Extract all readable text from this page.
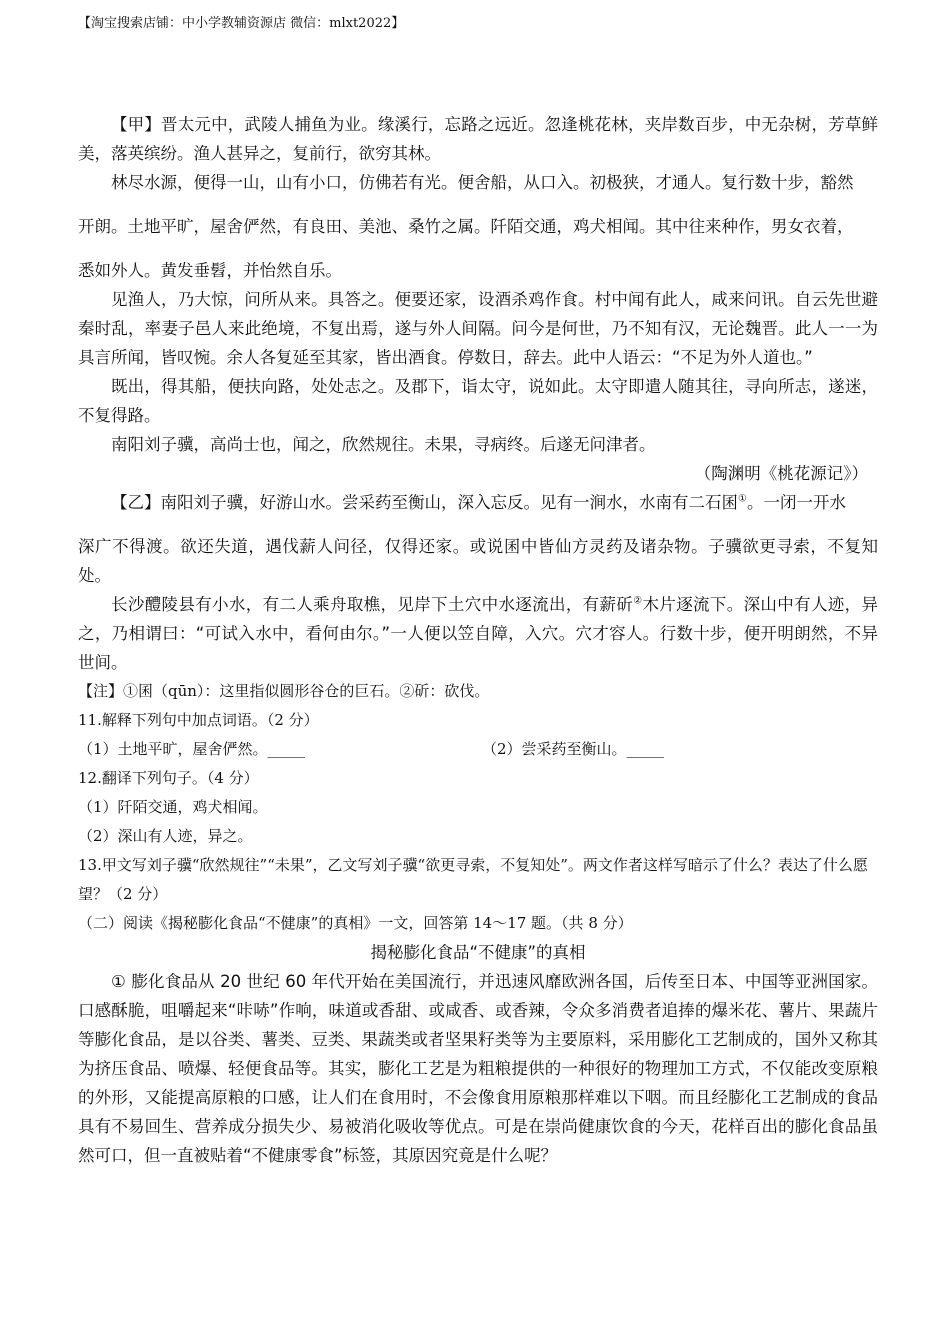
【淘宝搜索店铺：中小学教辅资源店 微信：mlxt2022】

【甲】晋太元中，武陵人捕鱼为业。缘溪行，忘路之远近。忽逢桃花林，夹岸数百步，中无杂树，芳草鲜美，落英缤纷。渔人甚异之，复前行，欲穷其林。

林尽水源，便得一山，山有小口，仿佛若有光。便舍船，从口入。初极狭，才通人。复行数十步，豁然

开朗。土地平旷，屋舍俨然，有良田、美池、桑竹之属。阡陌交通，鸡犬相闻。其中往来种作，男女衣着，

悉如外人。黄发垂髫，并怡然自乐。

见渔人，乃大惊，问所从来。具答之。便要还家，设酒杀鸡作食。村中闻有此人，咸来问讯。自云先世避秦时乱，率妻子邑人来此绝境，不复出焉，遂与外人间隔。问今是何世，乃不知有汉，无论魏晋。此人一一为具言所闻，皆叹惋。余人各复延至其家，皆出酒食。停数日，辞去。此中人语云：“不足为外人道也。”

既出，得其船，便扶向路，处处志之。及郡下，诣太守，说如此。太守即遣人随其往，寻向所志，遂迷，不复得路。

南阳刘子骥，高尚士也，闻之，欣然规往。未果，寻病终。后遂无问津者。

（陶渊明《桃花源记》）

【乙】南阳刘子骥，好游山水。尝采药至衡山，深入忘反。见有一涧水，水南有二石囷①。一闭一开水

深广不得渡。欲还失道，遇伐薪人问径，仅得还家。或说囷中皆仙方灵药及诸杂物。子骥欲更寻索，不复知处。

长沙醴陵县有小水，有二人乘舟取樵，见岸下土穴中水逐流出，有薪斫②木片逐流下。深山中有人迹，异之，乃相谓曰：“可试入水中，看何由尔。”一人便以笠自障，入穴。穴才容人。行数十步，便开明朗然，不异世间。

【注】①囷（qūn）：这里指似圆形谷仓的巨石。②斫：砍伐。

11.解释下列句中加点词语。（2 分）

（1）土地平旷，屋舍俨然。_____	（2）尝采药至衡山。_____

12.翻译下列句子。（4 分）

（1）阡陌交通，鸡犬相闻。

（2）深山有人迹，异之。

13.甲文写刘子骥“欣然规往”“未果”，乙文写刘子骥“欲更寻索，不复知处”。两文作者这样写暗示了什么？表达了什么愿望？（2 分）

（二）阅读《揭秘膨化食品“不健康”的真相》一文，回答第 14～17 题。（共 8 分）

揭秘膨化食品“不健康”的真相

① 膨化食品从 20 世纪 60 年代开始在美国流行，并迅速风靡欧洲各国，后传至日本、中国等亚洲国家。口感酥脆，咀嚼起来“咔哧”作响，味道或香甜、或咸香、或香辣，令众多消费者追捧的爆米花、薯片、果蔬片等膨化食品，是以谷类、薯类、豆类、果蔬类或者坚果籽类等为主要原料，采用膨化工艺制成的，国外又称其为挤压食品、喷爆、轻便食品等。其实，膨化工艺是为粗粮提供的一种很好的物理加工方式，不仅能改变原粮的外形，又能提高原粮的口感，让人们在食用时，不会像食用原粮那样难以下咽。而且经膨化工艺制成的食品具有不易回生、营养成分损失少、易被消化吸收等优点。可是在崇尚健康饮食的今天，花样百出的膨化食品虽然可口，但一直被贴着“不健康零食”标签，其原因究竟是什么呢？
